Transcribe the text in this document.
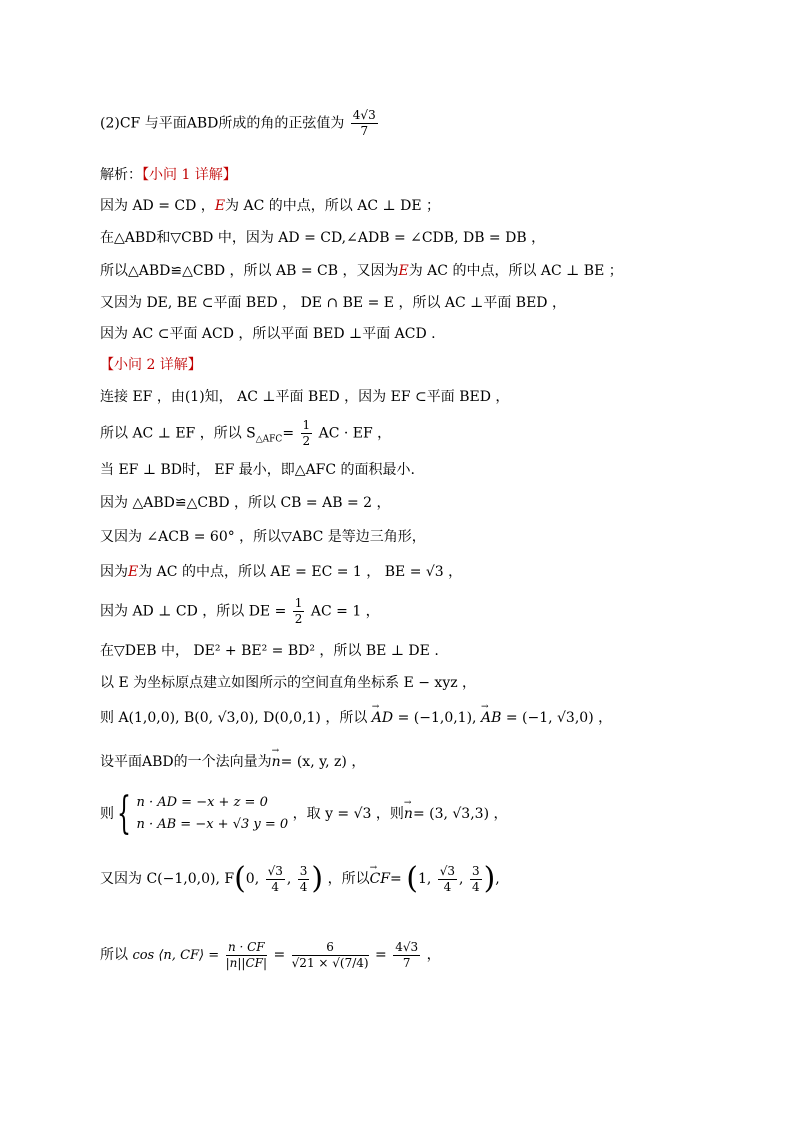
(2)CF 与平面ABD所成的角的正弦值为 $\frac{4√3}{7}$
解析：【小问 1 详解】
因为 AD = CD ，E为 AC 的中点，所以 AC ⊥ DE ；
在△ABD和▽CBD 中，因为 AD = CD,∠ADB = ∠CDB, DB = DB ，
所以△ABD≌△CBD ，所以 AB = CB ，又因为E为 AC 的中点，所以 AC ⊥ BE ；
又因为 DE, BE ⊂平面 BED ， DE ∩ BE = E ，所以 AC ⊥平面 BED ，
因为 AC ⊂平面 ACD ，所以平面 BED ⊥平面 ACD .
【小问 2 详解】
连接 EF ，由(1)知， AC ⊥平面 BED ，因为 EF ⊂平面 BED ，
所以 AC ⊥ EF ，所以 $S_{\triangle AFC}= \frac{1}{2}$ AC · EF ，
当 EF ⊥ BD时， EF 最小，即△AFC 的面积最小.
因为 △ABD≌△CBD ，所以 CB = AB = 2 ，
又因为 ∠ACB = 60° ，所以▽ABC 是等边三角形，
因为E为 AC 的中点，所以 AE = EC = 1 ， BE = √3 ，
因为 AD ⊥ CD ，所以 DE = $\frac{1}{2}$ AC = 1 ，
在▽DEB 中， DE² + BE² = BD² ，所以 BE ⊥ DE .
以 E 为坐标原点建立如图所示的空间直角坐标系 E − xyz ，
则 A(1,0,0), B(0, √3,0), D(0,0,1) ，所以 → AD = (−1,0,1), → AB = (−1, √3,0) ，
设平面ABD的一个法向量为→ n= (x, y, z) ，
则{ n · AD = −x + z = 0
n · AB = −x + √3 y = 0 ，取 y = √3 ，则→ n= (3, √3,3) ，
又因为 C(−1,0,0), F(0, $\frac{√3}{4}$ , $\frac{3}{4}$ ) ，所以→ CF= (1, $\frac{√3}{4}$ , $\frac{3}{4}$ ),
所以 cos ⟨n, CF⟩ = $\frac{n \cdot CF}{|n||CF|} = \frac{6}{√21 \times √(7/4)} = \frac{4√3}{7}$ ，
